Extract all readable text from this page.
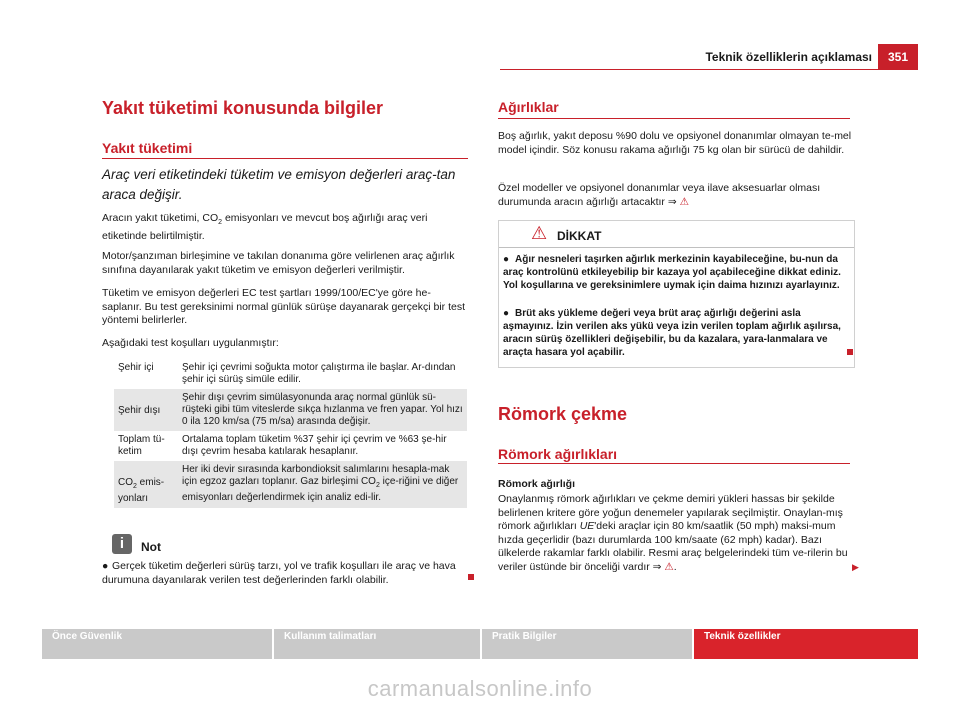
Teknik özelliklerin açıklaması	351
Yakıt tüketimi konusunda bilgiler
Yakıt tüketimi
Araç veri etiketindeki tüketim ve emisyon değerleri araç-tan araca değişir.
Aracın yakıt tüketimi, $CO_2$ emisyonları ve mevcut boş ağırlığı araç veri etiketinde belirtilmiştir.
Motor/şanzıman birleşimine ve takılan donanıma göre velirlenen araç ağırlık sınıfına dayanılarak yakıt tüketim ve emisyon değerleri verilmiştir.
Tüketim ve emisyon değerleri EC test şartları 1999/100/EC'ye göre he-saplanır. Bu test gereksinimi normal günlük sürüşe dayanarak gerçekçi bir test yöntemi belirlerler.
Aşağıdaki test koşulları uygulanmıştır:
Şehir içi	Şehir içi çevrimi soğukta motor çalıştırma ile başlar. Ar-dından şehir içi sürüş simüle edilir.
Şehir dışı	Şehir dışı çevrim simülasyonunda araç normal günlük sü-rüşteki gibi tüm viteslerde sıkça hızlanma ve fren yapar. Yol hızı 0 ila 120 km/sa (75 m/sa) arasında değişir.
Toplam tü-ketim	Ortalama toplam tüketim %37 şehir içi çevrim ve %63 şe-hir dışı çevrim hesaba katılarak hesaplanır.
$CO_2$ emis-yonları	Her iki devir sırasında karbondioksit salımlarını hesapla-mak için egzoz gazları toplanır. Gaz birleşimi $CO_2$ içe-riğini ve diğer emisyonları değerlendirmek için analiz edi-lir.
i	Not
● Gerçek tüketim değerleri sürüş tarzı, yol ve trafik koşulları ile araç ve hava durumuna dayanılarak verilen test değerlerinden farklı olabilir.
Ağırlıklar
Boş ağırlık, yakıt deposu %90 dolu ve opsiyonel donanımlar olmayan te-mel model içindir. Söz konusu rakama ağırlığı 75 kg olan bir sürücü de dahildir.
Özel modeller ve opsiyonel donanımlar veya ilave aksesuarlar olması durumunda aracın ağırlığı artacaktır ⇒ ⚠
⚠ DİKKAT
● Ağır nesneleri taşırken ağırlık merkezinin kayabileceğine, bu-nun da araç kontrolünü etkileyebilip bir kazaya yol açabileceğine dikkat ediniz. Yol koşullarına ve gereksinimlere uymak için daima hızınızı ayarlayınız.
● Brüt aks yükleme değeri veya brüt araç ağırlığı değerini asla aşmayınız. İzin verilen aks yükü veya izin verilen toplam ağırlık aşılırsa, aracın sürüş özellikleri değişebilir, bu da kazalara, yara-lanmalara ve araçta hasara yol açabilir.
Römork çekme
Römork ağırlıkları
Römork ağırlığı
Onaylanmış römork ağırlıkları ve çekme demiri yükleri hassas bir şekilde belirlenen kritere göre yoğun denemeler yapılarak seçilmiştir. Onaylan-mış römork ağırlıkları UE'deki araçlar için 80 km/saatlik (50 mph) maksi-mum hızda geçerlidir (bazı durumlarda 100 km/saate (62 mph) kadar). Bazı ülkelerde rakamlar farklı olabilir. Resmi araç belgelerindeki tüm ve-rilerin bu veriler üstünde bir önceliği vardır ⇒ ⚠.	▶
Önce Güvenlik	Kullanım talimatları	Pratik Bilgiler	Teknik özellikler
carmanualsonline.info
